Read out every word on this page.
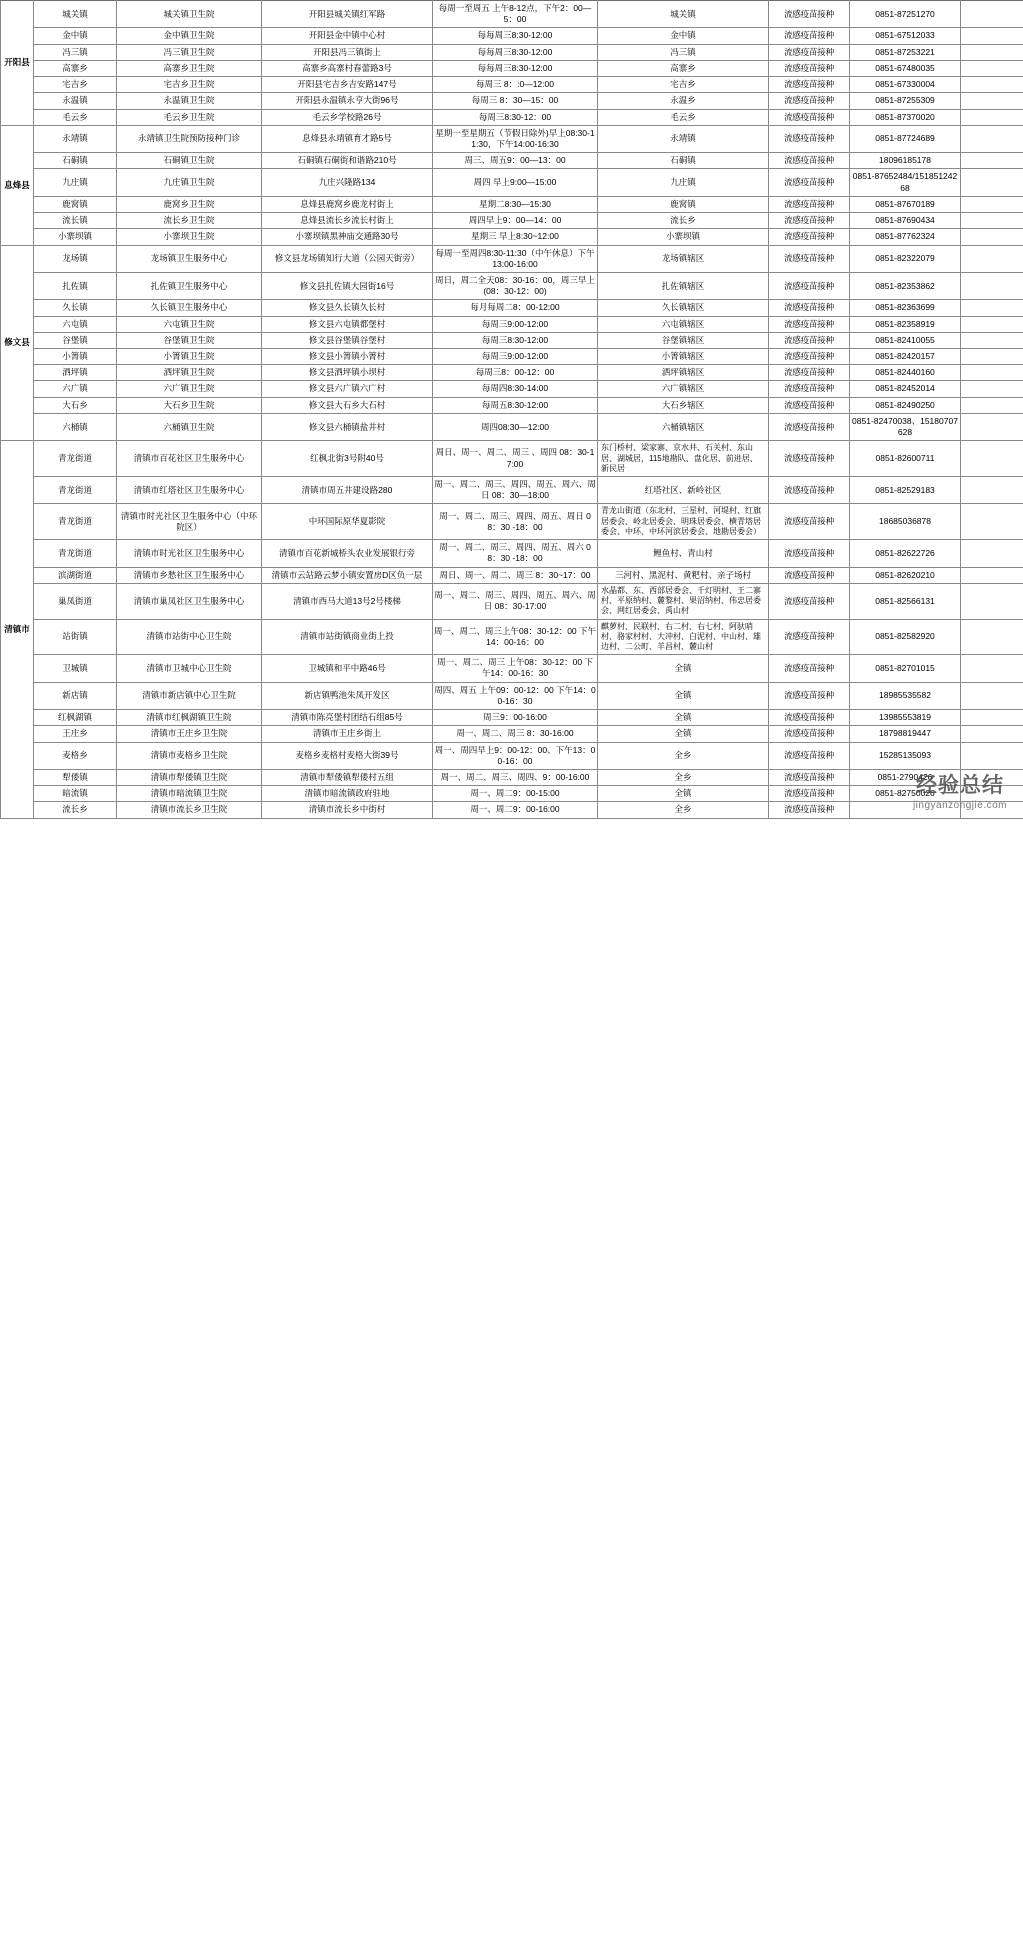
开阳县	城关镇	城关镇卫生院	开阳县城关镇红军路	每周一至周五 上午8-12点，下午2：00—5：00	城关镇	流感疫苗接种	0851-87251270	
	金中镇	金中镇卫生院	开阳县金中镇中心村	每每周三8:30-12:00	金中镇	流感疫苗接种	0851-67512033	
	冯三镇	冯三镇卫生院	开阳县冯三镇街上	每每周三8:30-12:00	冯三镇	流感疫苗接种	0851-87253221	
	高寨乡	高寨乡卫生院	高寨乡高寨村春蕾路3号	每每周三8:30-12:00	高寨乡	流感疫苗接种	0851-67480035	
	宅吉乡	宅吉乡卫生院	开阳县宅吉乡吉安路147号	每周三 8：:0—12:00	宅吉乡	流感疫苗接种	0851-67330004	
	永温镇	永温镇卫生院	开阳县永温镇永亨大街96号	每周三 8：30—15：00	永温乡	流感疫苗接种	0851-87255309	
	毛云乡	毛云乡卫生院	毛云乡学校路26号	每周三8:30-12：00	毛云乡	流感疫苗接种	0851-87370020	
息烽县	永靖镇	永靖镇卫生院预防接种门诊	息烽县永靖镇育才路5号	星期一至星期五（节假日除外)早上08:30-11:30，下午14:00-16:30	永靖镇	流感疫苗接种	0851-87724689	
	石硐镇	石硐镇卫生院	石硐镇石硐街和谐路210号	周三、周五9：00—13：00	石硐镇	流感疫苗接种	18096185178	
	九庄镇	九庄镇卫生院	九庄兴隆路134	周四 早上9:00—15:00	九庄镇	流感疫苗接种	0851-87652484/15185124268	
	鹿窝镇	鹿窝乡卫生院	息烽县鹿窝乡鹿龙村街上	星期二8:30—15:30	鹿窝镇	流感疫苗接种	0851-87670189	
	流长镇	流长乡卫生院	息烽县流长乡流长村街上	周四早上9：00—14：00	流长乡	流感疫苗接种	0851-87690434	
	小寨坝镇	小寨坝卫生院	小寨坝镇黑神庙交通路30号	星期三 早上8:30~12:00	小寨坝镇	流感疫苗接种	0851-87762324	
修文县	龙场镇	龙场镇卫生服务中心	修文县龙场镇知行大道（公园天街旁）	每周一至周四8:30-11:30（中午休息）下午13:00-16:00	龙场镇辖区	流感疫苗接种	0851-82322079	
	扎佐镇	扎佐镇卫生服务中心	修文县扎佐镇大园街16号	周日，周二全天08：30-16：00，周三早上(08：30-12：00)	扎佐镇辖区	流感疫苗接种	0851-82353862	
	久长镇	久长镇卫生服务中心	修文县久长镇久长村	每月每周二8：00-12:00	久长镇辖区	流感疫苗接种	0851-82363699	
	六屯镇	六屯镇卫生院	修文县六屯镇都堡村	每周三9:00-12:00	六屯镇辖区	流感疫苗接种	0851-82358919	
	谷堡镇	谷堡镇卫生院	修文县谷堡镇谷堡村	每周三8:30-12:00	谷堡镇辖区	流感疫苗接种	0851-82410055	
	小箐镇	小箐镇卫生院	修文县小箐镇小箐村	每周三9:00-12:00	小箐镇辖区	流感疫苗接种	0851-82420157	
	洒坪镇	洒坪镇卫生院	修文县洒坪镇小坝村	每周三8：00-12：00	洒坪镇辖区	流感疫苗接种	0851-82440160	
	六广镇	六广镇卫生院	修文县六广镇六广村	每周四8:30-14:00	六广镇辖区	流感疫苗接种	0851-82452014	
	大石乡	大石乡卫生院	修文县大石乡大石村	每周五8:30-12:00	大石乡辖区	流感疫苗接种	0851-82490250	
	六桶镇	六桶镇卫生院	修文县六桶镇盐井村	周四08:30—12:00	六桶镇辖区	流感疫苗接种	0851-82470038、15180707628	
清镇市	青龙街道	清镇市百花社区卫生服务中心	红枫北街3号附40号	周日、周一、周二、周三 、周四 08：30-17:00	东门桥村、梁家寨、京水井、石关村、东山居、湖城居，115地勘队、盘化居、前进居、新民居	流感疫苗接种	0851-82600711	
	青龙街道	清镇市红塔社区卫生服务中心	清镇市周五井建设路280	周一、周二、周三、周四、周五、周六、周日 08：30—18:00	红塔社区、新岭社区	流感疫苗接种	0851-82529183	
	青龙街道	清镇市时光社区卫生服务中心（中环院区）	中环国际原华夏影院	周一、周二、周三、周四、周五、周日 08：30 -18：00	青龙山街道（东北村、三星村、河堤村、红旗居委会、岭北居委会、明珠居委会、横青塔居委会、中环、中环河滨居委会、地勘居委会）	流感疫苗接种	18685036878	
	青龙街道	清镇市时光社区卫生服务中心	清镇市百花新城桥头农业发展银行旁	周一、周二、周三、周四、周五、周六 08：30 -18：00	鲤鱼村、青山村	流感疫苗接种	0851-82622726	
	滨湖街道	清镇市乡愁社区卫生服务中心	清镇市云站路云梦小镇安置房D区负一层	周日、周一、周二、周三 8：30~17：00	三河村、黑泥村、黄粑村、亲子场村	流感疫苗接种	0851-82620210	
	巢凤街道	清镇市巢凤社区卫生服务中心	清镇市西马大道13号2号楼梯	周一、周二、周三、周四、周五、周六、周日 08：30-17:00	水晶都、东、西部居委会、千灯明村、王二寨村、平原纳村、麓黎村、果沼纳村、伟忠居委会、网红居委会、禹山村	流感疫苗接种	0851-82566131	
	站街镇	清镇市站街中心卫生院	清镇市站街镇商业街上投	周一、周二、周三上午08：30-12：00 下午14：00-16：00	麒萝村、民联村、右二村、右七村、阿驮哨村、骆家村村、大冲村、白泥村、中山村、雄边村、二公町、羊昌村、麓山村	流感疫苗接种	0851-82582920	
	卫城镇	清镇市卫城中心卫生院	卫城镇和平中路46号	周一、周二、周三 上午08：30-12：00 下午14：00-16：30	全镇	流感疫苗接种	0851-82701015	
	新店镇	清镇市新店镇中心卫生院	新店镇鸭池朱凤开发区	周四、周五 上午09：00-12：00 下午14：00-16：30	全镇	流感疫苗接种	18985535582	
	红枫湖镇	清镇市红枫湖镇卫生院	清镇市陈亮堡村团结石组85号	周三9：00-16:00	全镇	流感疫苗接种	13985553819	
	王庄乡	清镇市王庄乡卫生院	清镇市王庄乡街上	周一、周二、周三 8：30-16:00	全镇	流感疫苗接种	18798819447	
	麦格乡	清镇市麦格乡卫生院	麦格乡麦格村麦格大街39号	周一、周四早上9：00-12：00、下午13：00-16：00	全乡	流感疫苗接种	15285135093	
	犁倭镇	清镇市犁倭镇卫生院	清镇市犁倭镇犁倭村五组	周一、周二、周三、周四、9：00-16:00	全乡	流感疫苗接种	0851-2790426	
	暗流镇	清镇市暗流镇卫生院	清镇市暗流镇政府驻地	周一、周二9：00-15:00	全镇	流感疫苗接种	0851-82750026	
	流长乡	清镇市流长乡卫生院	清镇市流长乡中街村	周一、周二9：00-16:00	全乡	流感疫苗接种		
经验总结
jingyanzongjie.com
